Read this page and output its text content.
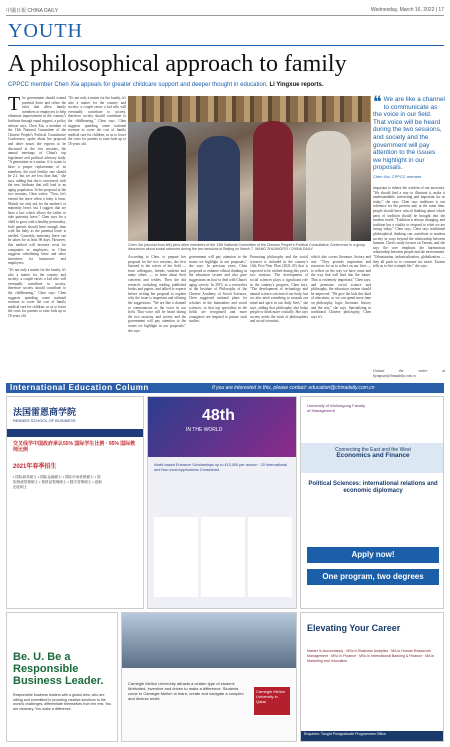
中國日報 CHINA DAILY	Wednesday, March 16, 2022 | 17
YOUTH
A philosophical approach to family
CPPCC member Chen Xia appeals for greater childcare support and deeper thought in education, Li Yingxue reports.
The government should extend parental leave and refine the rules that allow family members or employers to help eliminate improvement in the country's birthrate through equal support, a policy adviser says. Chen Xia, a member of the 13th National Committee of the Chinese People's Political Consultative Conference, spoke about her proposal and other issues she expects to be discussed at the two sessions, the annual meetings of China's top legislature and political advisory body. "A generation or a nation, if it wants to have a proper replacement of its members, the total fertility rate should be 2.1, but we are less than that," she says, adding that she is concerned, with the new birthrate that will lead to an aging population. In her proposal at the two sessions, Chen writes: "Now, let's extend the leave when a baby is born. Mainly we only ask for the mother's or maternity leave, but I suggest that we have a law which allows the father to take paternity leave." Chen says for a child to grow with a healthy personality, both parents should have enough time with the baby as the parental leave is needed. Currently, maternity leave can be taken for at least 98 days. However, this method will increase costs for companies or employers, so Chen suggests subsidizing leave and other incentives for businesses and employees.
"It's not only a matter for the family, it's also a matter for the country and society: a couple raises a kid who will eventually contribute to society, therefore society should contribute to the childbearing," Chen says. Chen suggests spending some national revenue to cover the cost of family medical care for children, so as to lower the costs for parents to raise kids up to 18 years old.
"It's not only a matter for the family, it's also a matter for the country and society: a couple raises a kid who will eventually contribute to society, therefore society should contribute to the childbearing," Chen says. Chen suggests spending some national revenue to cover the cost of family medical care for children, so as to lower the costs for parents to raise kids up to 18 years old.
According to Chen, to prepare her proposal for the two sessions, she first listened to the voices of her field — from colleagues, friends, students and many others — to learn about their concerns and wishes. Then she did research, including reading published books and papers, and talked to experts before writing her proposal to explain why the issue is important and offering her suggestions. "We are like a channel to communicate as the voice in our field. That voice will be heard during the two sessions, and society and the government will pay attention to the issues we highlight in our proposals," she says.
government will pay attention to the issues we highlight in our proposals," she says. In previous years, Chen proposed to enhance ethical thinking in the education system and also gave suggestions on how to deal with China's aging society. In 2019, as a researcher at the Institute of Philosophy of the Chinese Academy of Social Sciences, Chen suggested national plans for scholars in the humanities and social sciences, so that top specialists in the fields are recognized and more youngsters are inspired to pursue such studies.
Promoting philosophy and the social sciences is included in the country's 14th Five-Year Plan (2021-25) that is expected to be ratified during this year's two sessions. The development of social sciences plays a significant role in the country's progress, Chen says. "The development of technology and natural science can enrich our body, but we also need something to nourish our mind and spirit in our daily lives," she says, adding that philosophy also helps people to think more critically. She says society needs the work of philosophers and social scientists,
which also covers literature, history and arts. "They provide inspiration and resources for us to reflect on our lives — to reflect on the way we have come and the way that will lead into the future. That is extremely important," Chen says, and promotes social science and philosophy, the education system should be improved. "We give the kids this kind of education, so we can spend more time on philosophy, logic, literature, history and the arts," she says. Specializing in traditional Chinese philosophy, Chen says it's
important to inherit the wisdom of our ancestors. "We should find a way to illustrate it, make it understandable, interesting and important for us today," she says. Chen says traditions is our reference for the present and, at the same time, people should have critical thinking about which parts of tradition should be brought into the modern world. "Tradition is always changing, and tradition has a vitality to respond to what we are facing today," Chen says. Chen says traditional philosophical thinking can contribute to modern society in ways beyond the relationship between humans. Chen's study focuses on Taoism, and she says the core emphasis the harmonious relationship between people and the environment. "Urbanization, industrialization, globalization — they all push us to consume too much. Taoism tells us to live a simple life," she says.
Contact the writer at liyingxue@chinadaily.com.cn
Chen Xia (second from left) joins other members of the 13th National Committee of the Chinese People's Political Consultative Conference in a group discussion about social sciences during the two sessions in Beijing on March 7. WANG ZHUANGFEI / CHINA DAILY
❝ We are like a channel to communicate as the voice in our field. That voice will be heard during the two sessions, and society and the government will pay attention to the issues we highlight in our proposals.
Chen Xia, CPPCC member
International Education Column	If you are interested in this, please contact: education@chinadaily.com.cn
法国雷恩商学院
RENNES SCHOOL OF BUSINESS
交叉线学中国政府承认55% 国际学生比例 · 95% 国际教师比例
2021年春季招生
• 国际商务硕士 • 国际金融硕士 • 国际市场营销硕士 • 国际物流管理硕士 • 奢侈品管理硕士 • 数字营销硕士 • 创新创业硕士
48th
IN THE WORLD
North-based Entrance Scholarships up to £10,000 per annum · 20 International and Non-local Applications Considered
University of Wollongong Faculty of Management
Connecting the East and the West
Economics and Finance
Political Sciences: international relations and economic diplomacy
Apply now!
One program, two degrees
Be. U. Be a Responsible Business Leader.
Responsible business leaders with a global view, who are willing and committed to providing creative solutions to the world's challenges, differentiate themselves from the rest. You are visionary. You make a difference.
Carnegie Mellon University attracts a certain type of student: Motivated, inventive and driven to make a difference. Students come to Carnegie Mellon to learn, create and navigate a complex and diverse world.
Carnegie Mellon University in Qatar
Elevating Your Career
Master in Accountancy · MSc in Business Analytics · MA in Human Resources Management · MSc in Finance · MSc in International Banking & Finance · MA in Marketing and Innovation
Enquiries: Taught Postgraduate Programmes Office
